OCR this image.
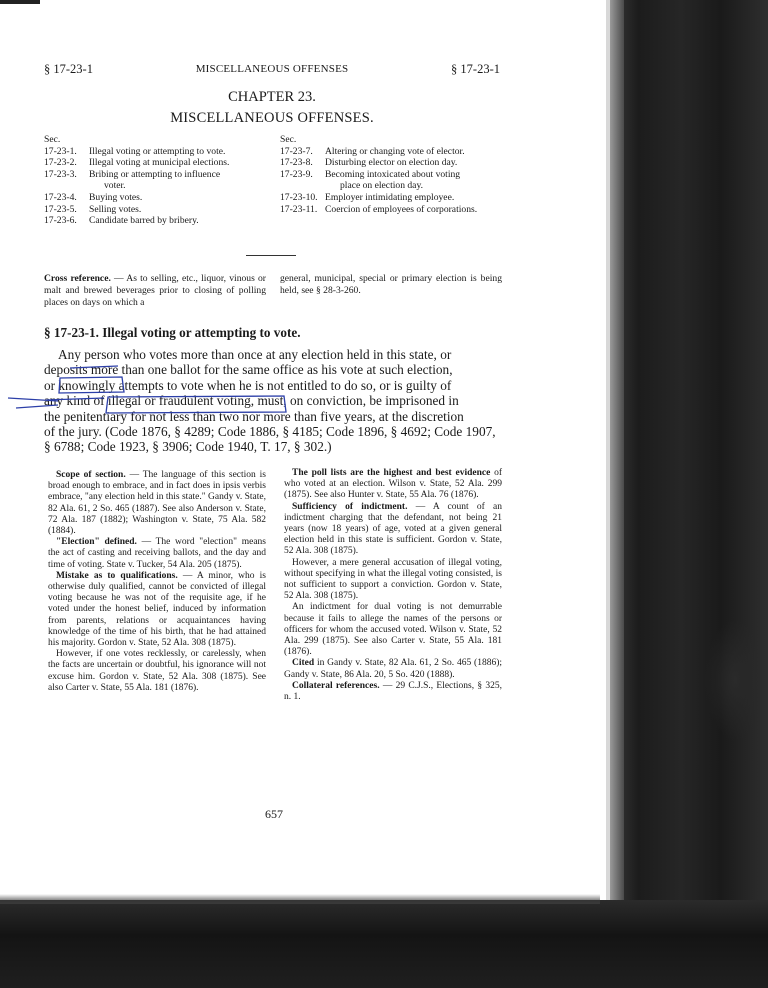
§ 17-23-1	MISCELLANEOUS OFFENSES	§ 17-23-1
CHAPTER 23.
MISCELLANEOUS OFFENSES.
Sec.
17-23-1.	Illegal voting or attempting to vote.
17-23-2.	Illegal voting at municipal elections.
17-23-3.	Bribing or attempting to influence
voter.
17-23-4.	Buying votes.
17-23-5.	Selling votes.
17-23-6.	Candidate barred by bribery.
Sec.
17-23-7.	Altering or changing vote of elector.
17-23-8.	Disturbing elector on election day.
17-23-9.	Becoming intoxicated about voting
place on election day.
17-23-10. Employer intimidating employee.
17-23-11. Coercion of employees of corporations.
Cross reference. — As to selling, etc., liquor, vinous or malt and brewed beverages prior to closing of polling places on days on which a
general, municipal, special or primary election is being held, see § 28-3-260.
§ 17-23-1. Illegal voting or attempting to vote.
Any person who votes more than once at any election held in this state, or
deposits more than one ballot for the same office as his vote at such election,
or knowingly attempts to vote when he is not entitled to do so, or is guilty of
any kind of illegal or fraudulent voting, must, on conviction, be imprisoned in
the penitentiary for not less than two nor more than five years, at the discretion
of the jury. (Code 1876, § 4289; Code 1886, § 4185; Code 1896, § 4692; Code 1907,
§ 6788; Code 1923, § 3906; Code 1940, T. 17, § 302.)

Scope of section. — The language of this section is broad enough to embrace, and in fact does in ipsis verbis embrace, "any election held in this state." Gandy v. State, 82 Ala. 61, 2 So. 465 (1887). See also Anderson v. State, 72 Ala. 187 (1882); Washington v. State, 75 Ala. 582 (1884).

"Election" defined. — The word "election" means the act of casting and receiving ballots, and the day and time of voting. State v. Tucker, 54 Ala. 205 (1875).

Mistake as to qualifications. — A minor, who is otherwise duly qualified, cannot be convicted of illegal voting because he was not of the requisite age, if he voted under the honest belief, induced by information from parents, relations or acquaintances having knowledge of the time of his birth, that he had attained his majority. Gordon v. State, 52 Ala. 308 (1875).

However, if one votes recklessly, or carelessly, when the facts are uncertain or doubtful, his ignorance will not excuse him. Gordon v. State, 52 Ala. 308 (1875). See also Carter v. State, 55 Ala. 181 (1876).

The poll lists are the highest and best evidence of who voted at an election. Wilson v. State, 52 Ala. 299 (1875). See also Hunter v. State, 55 Ala. 76 (1876).

Sufficiency of indictment. — A count of an indictment charging that the defendant, not being 21 years (now 18 years) of age, voted at a given general election held in this state is sufficient. Gordon v. State, 52 Ala. 308 (1875).

However, a mere general accusation of illegal voting, without specifying in what the illegal voting consisted, is not sufficient to support a conviction. Gordon v. State, 52 Ala. 308 (1875).

An indictment for dual voting is not demurrable because it fails to allege the names of the persons or officers for whom the accused voted. Wilson v. State, 52 Ala. 299 (1875). See also Carter v. State, 55 Ala. 181 (1876).

Cited in Gandy v. State, 82 Ala. 61, 2 So. 465 (1886); Gandy v. State, 86 Ala. 20, 5 So. 420 (1888).

Collateral references. — 29 C.J.S., Elections, § 325, n. 1.

657
